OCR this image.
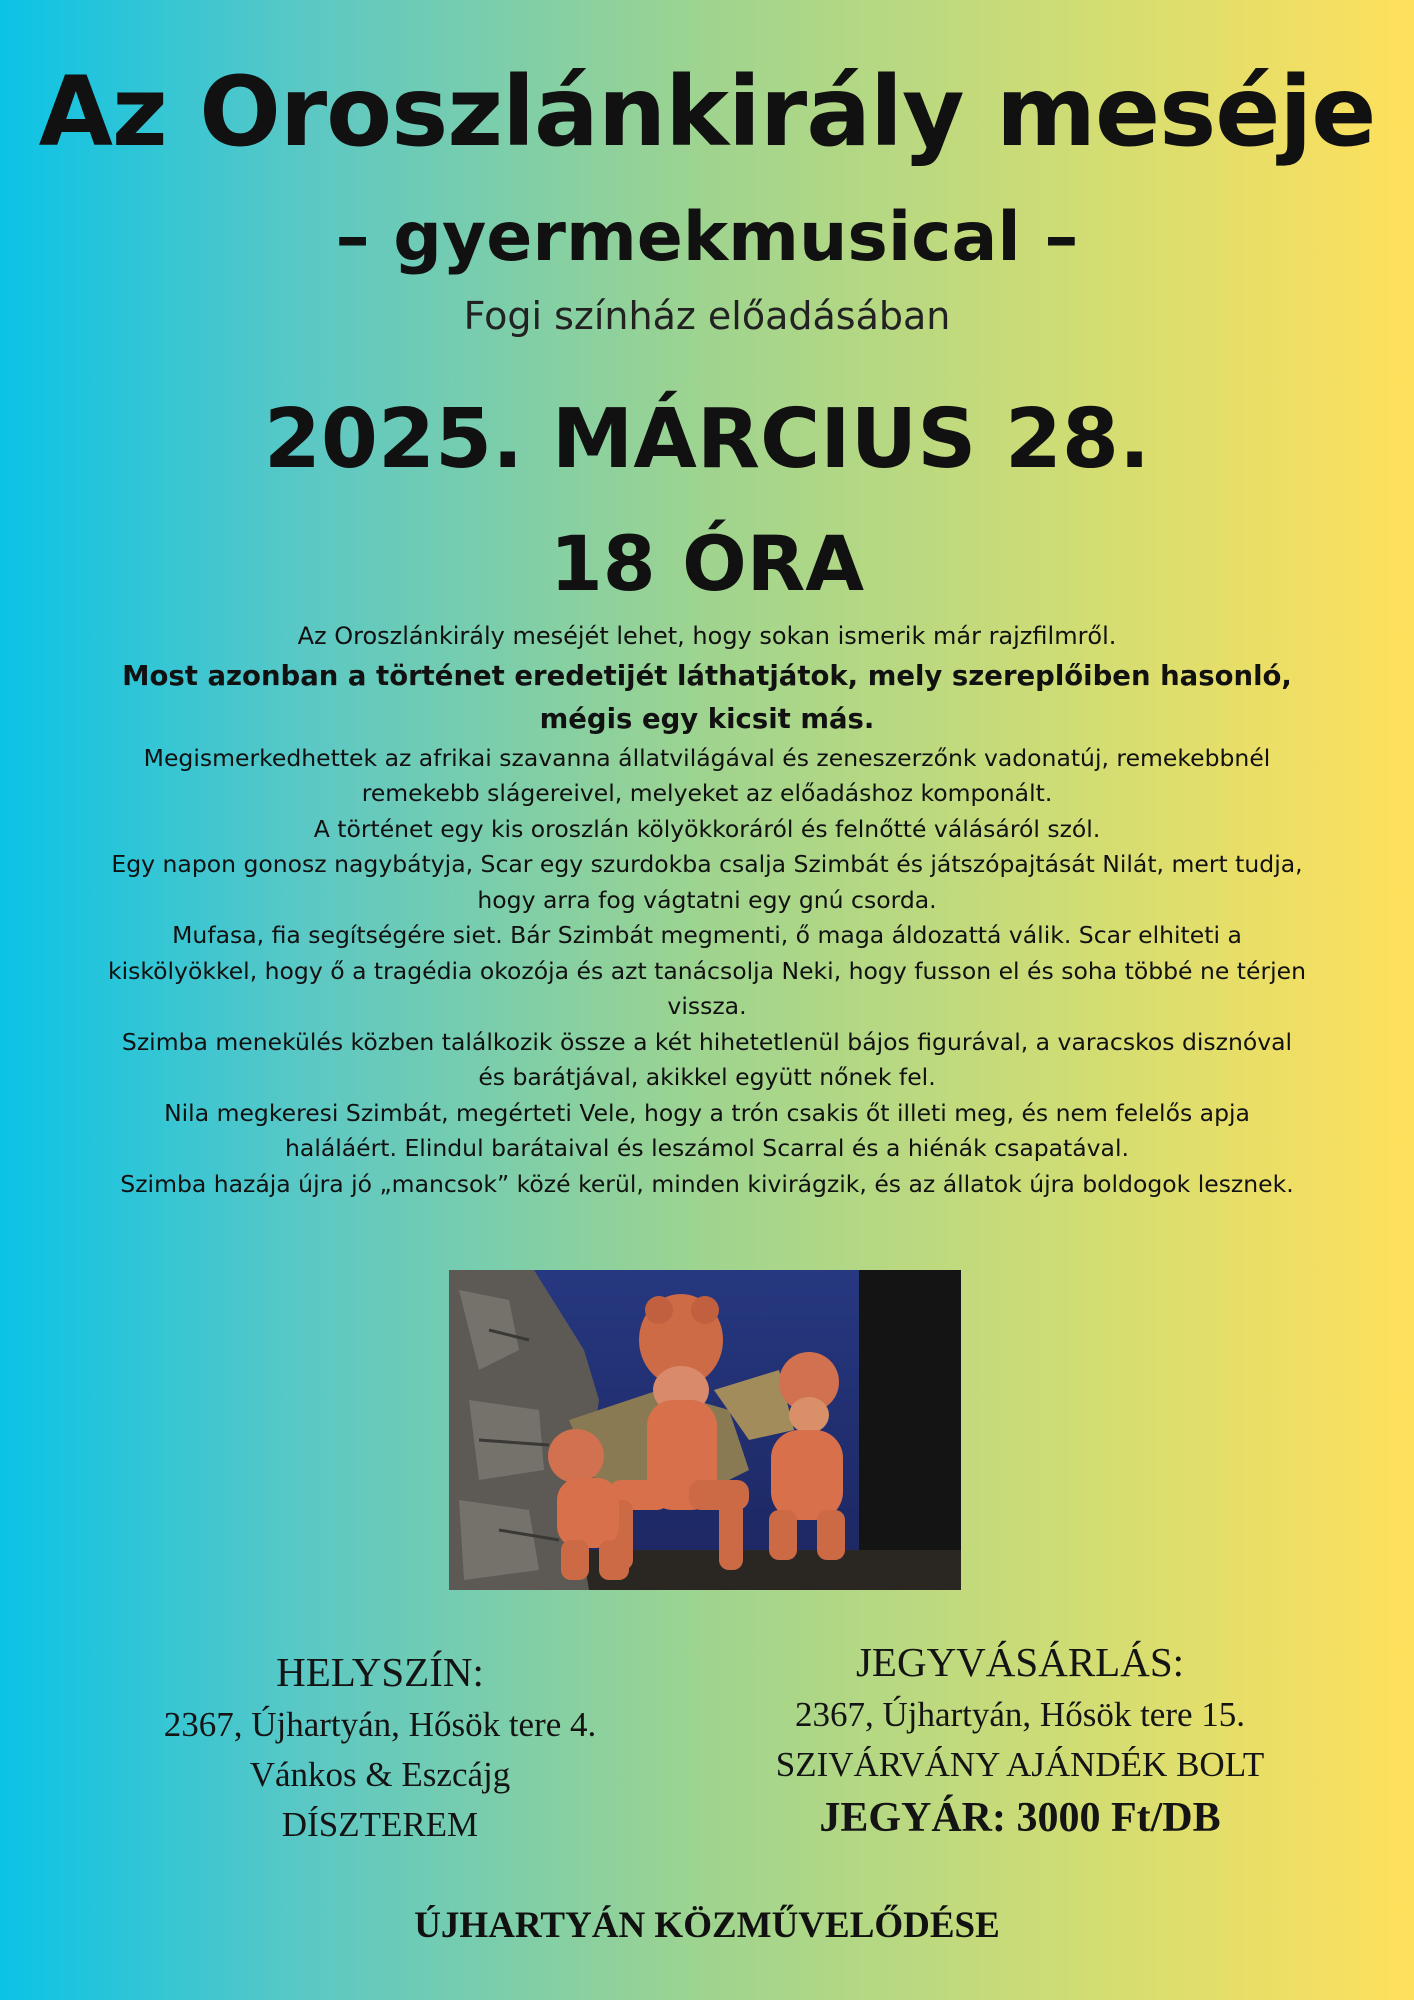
Az Oroszlánkirály meséje
– gyermekmusical –
Fogi színház előadásában
2025. MÁRCIUS 28.
18 ÓRA

Az Oroszlánkirály meséjét lehet, hogy sokan ismerik már rajzfilmről.

Most azonban a történet eredetijét láthatjátok, mely szereplőiben hasonló, mégis egy kicsit más.

Megismerkedhettek az afrikai szavanna állatvilágával és zeneszerzőnk vadonatúj, remekebbnél remekebb slágereivel, melyeket az előadáshoz komponált.

A történet egy kis oroszlán kölyökkoráról és felnőtté válásáról szól.

Egy napon gonosz nagybátyja, Scar egy szurdokba csalja Szimbát és játszópajtását Nilát, mert tudja, hogy arra fog vágtatni egy gnú csorda.

Mufasa, fia segítségére siet. Bár Szimbát megmenti, ő maga áldozattá válik. Scar elhiteti a kiskölyökkel, hogy ő a tragédia okozója és azt tanácsolja Neki, hogy fusson el és soha többé ne térjen vissza.

Szimba menekülés közben találkozik össze a két hihetetlenül bájos figurával, a varacskos disznóval és barátjával, akikkel együtt nőnek fel.

Nila megkeresi Szimbát, megérteti Vele, hogy a trón csakis őt illeti meg, és nem felelős apja haláláért. Elindul barátaival és leszámol Scarral és a hiénák csapatával.

Szimba hazája újra jó „mancsok” közé kerül, minden kivirágzik, és az állatok újra boldogok lesznek.

HELYSZÍN:
2367, Újhartyán, Hősök tere 4.
Vánkos & Eszcájg
DÍSZTEREM
JEGYVÁSÁRLÁS:
2367, Újhartyán, Hősök tere 15.
SZIVÁRVÁNY AJÁNDÉK BOLT
JEGYÁR: 3000 Ft/DB
ÚJHARTYÁN KÖZMŰVELŐDÉSE
